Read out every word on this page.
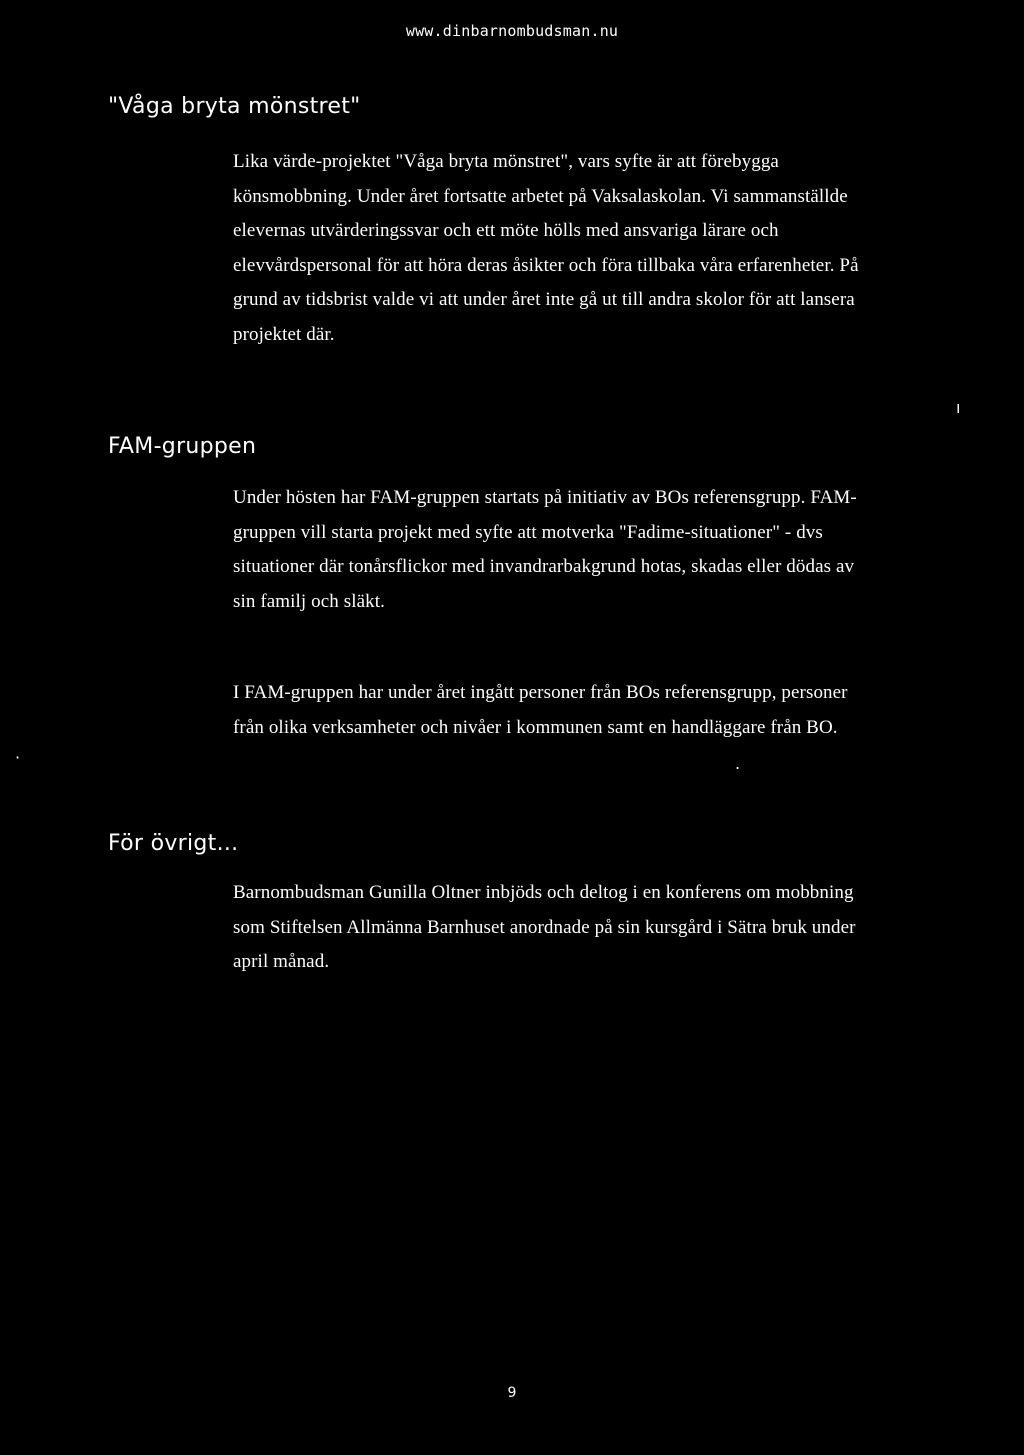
www.dinbarnombudsman.nu
"Våga bryta mönstret"

Lika värde-projektet "Våga bryta mönstret", vars syfte är att förebygga könsmobbning. Under året fortsatte arbetet på Vaksalaskolan. Vi sammanställde elevernas utvärderingssvar och ett möte hölls med ansvariga lärare och elevvårdspersonal för att höra deras åsikter och föra tillbaka våra erfarenheter. På grund av tidsbrist valde vi att under året inte gå ut till andra skolor för att lansera projektet där.

ı
FAM-gruppen

Under hösten har FAM-gruppen startats på initiativ av BOs referensgrupp. FAM-gruppen vill starta projekt med syfte att motverka "Fadime-situationer" - dvs situationer där tonårsflickor med invandrarbakgrund hotas, skadas eller dödas av sin familj och släkt.

I FAM-gruppen har under året ingått personer från BOs referensgrupp, personer från olika verksamheter och nivåer i kommunen samt en handläggare från BO.

·	.
För övrigt...

Barnombudsman Gunilla Oltner inbjöds och deltog i en konferens om mobbning som Stiftelsen Allmänna Barnhuset anordnade på sin kursgård i Sätra bruk under april månad.

9
